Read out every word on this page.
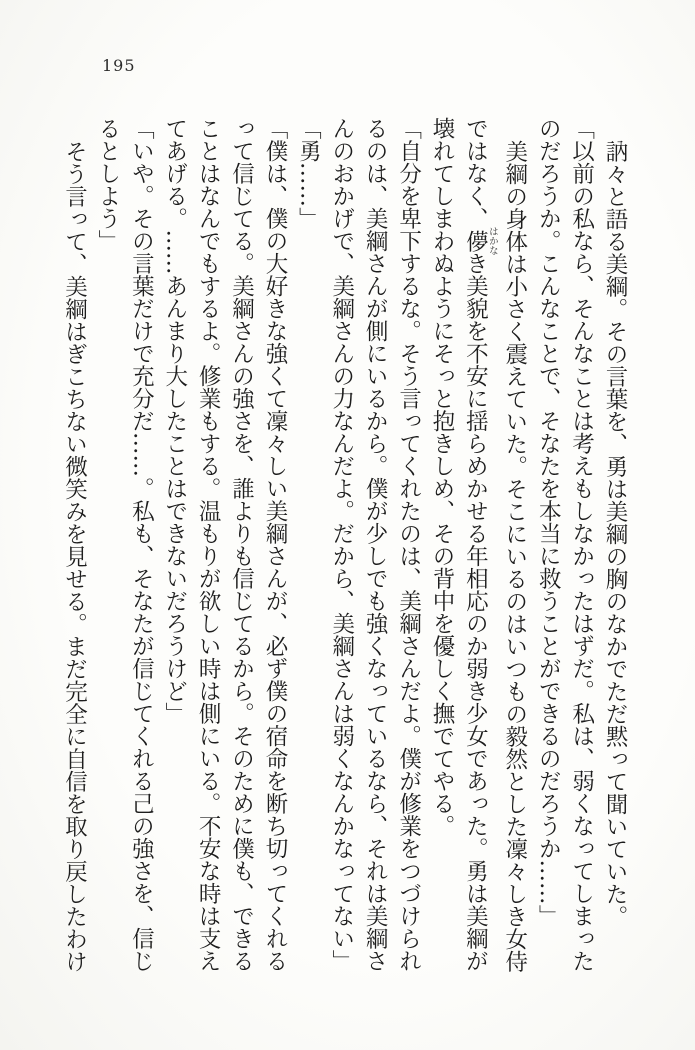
195
訥々と語る美綱。その言葉を、勇は美綱の胸のなかでただ黙って聞いていた。
「以前の私なら、そんなことは考えもしなかったはずだ。私は、弱くなってしまった
のだろうか。こんなことで、そなたを本当に救うことができるのだろうか……」
美綱の身体は小さく震えていた。そこにいるのはいつもの毅然とした凜々しき女侍
ではなく、儚はかなき美貌を不安に揺らめかせる年相応のか弱き少女であった。勇は美綱が
壊れてしまわぬようにそっと抱きしめ、その背中を優しく撫でてやる。
「自分を卑下するな。そう言ってくれたのは、美綱さんだよ。僕が修業をつづけられ
るのは、美綱さんが側にいるから。僕が少しでも強くなっているなら、それは美綱さ
んのおかげで、美綱さんの力なんだよ。だから、美綱さんは弱くなんかなってない」
「勇……」
「僕は、僕の大好きな強くて凜々しい美綱さんが、必ず僕の宿命を断ち切ってくれる
って信じてる。美綱さんの強さを、誰よりも信じてるから。そのために僕も、できる
ことはなんでもするよ。修業もする。温もりが欲しい時は側にいる。不安な時は支え
てあげる。……あんまり大したことはできないだろうけど」
「いや。その言葉だけで充分だ……。私も、そなたが信じてくれる己の強さを、信じ
るとしよう」
そう言って、美綱はぎこちない微笑みを見せる。まだ完全に自信を取り戻したわけ
